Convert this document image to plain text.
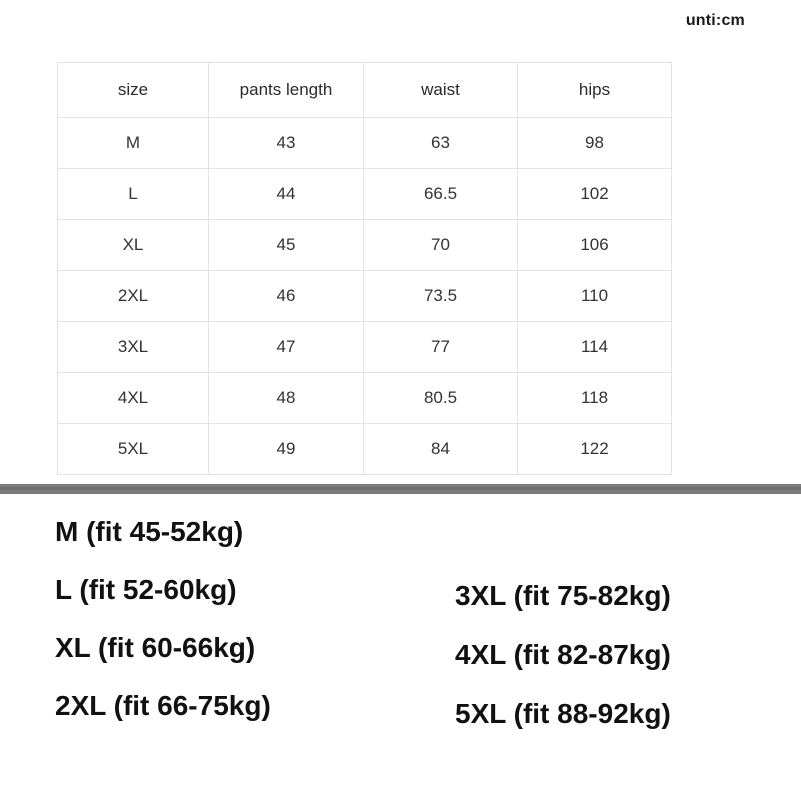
unti:cm
size	pants length	waist	hips
M	43	63	98
L	44	66.5	102
XL	45	70	106
2XL	46	73.5	110
3XL	47	77	114
4XL	48	80.5	118
5XL	49	84	122
M (fit 45-52kg)
L (fit 52-60kg)
XL (fit 60-66kg)
2XL (fit 66-75kg)
3XL (fit 75-82kg)
4XL (fit 82-87kg)
5XL (fit 88-92kg)
